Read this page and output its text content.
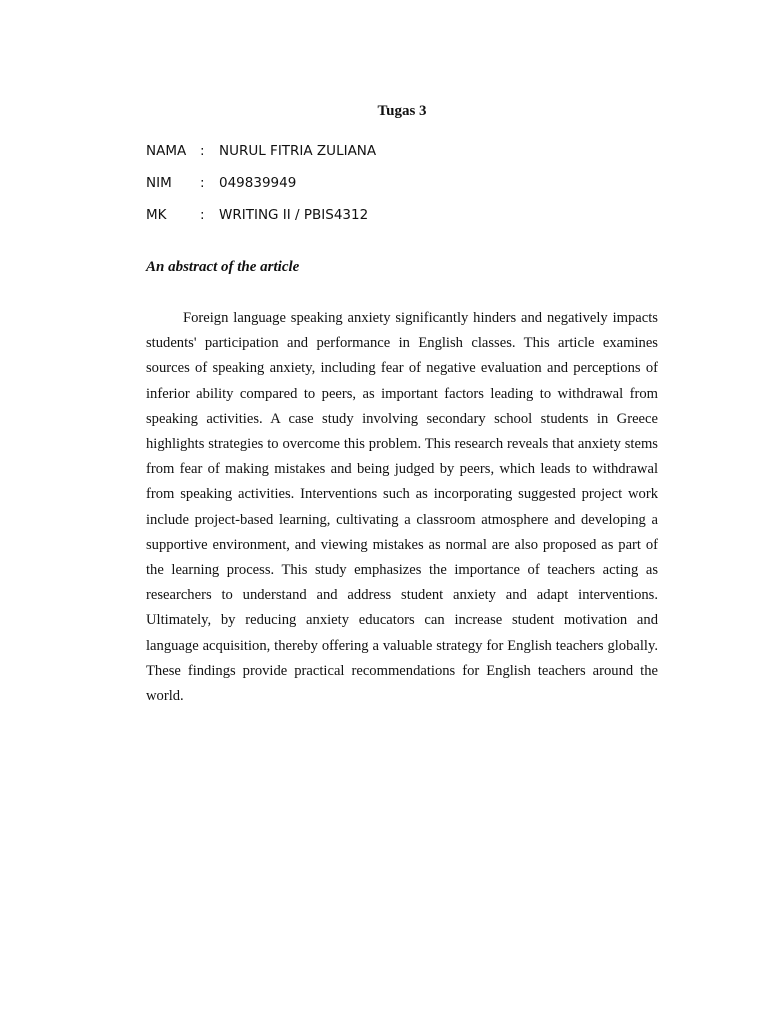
Tugas 3
NAMA : NURUL FITRIA ZULIANA
NIM : 049839949
MK : WRITING II / PBIS4312
An abstract of the article

Foreign language speaking anxiety significantly hinders and negatively impacts students' participation and performance in English classes. This article examines sources of speaking anxiety, including fear of negative evaluation and perceptions of inferior ability compared to peers, as important factors leading to withdrawal from speaking activities. A case study involving secondary school students in Greece highlights strategies to overcome this problem. This research reveals that anxiety stems from fear of making mistakes and being judged by peers, which leads to withdrawal from speaking activities. Interventions such as incorporating suggested project work include project-based learning, cultivating a classroom atmosphere and developing a supportive environment, and viewing mistakes as normal are also proposed as part of the learning process. This study emphasizes the importance of teachers acting as researchers to understand and address student anxiety and adapt interventions. Ultimately, by reducing anxiety educators can increase student motivation and language acquisition, thereby offering a valuable strategy for English teachers globally. These findings provide practical recommendations for English teachers around the world.
